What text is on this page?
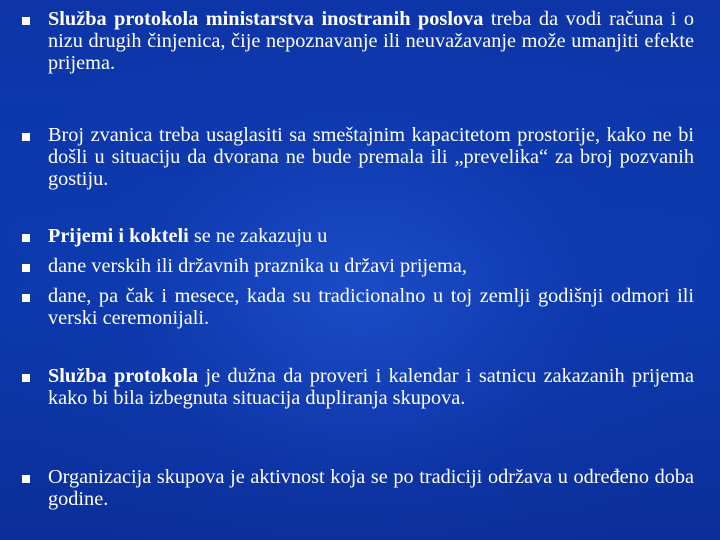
Služba protokola ministarstva inostranih poslova treba da vodi računa i o nizu drugih činjenica, čije nepoznavanje ili neuvažavanje može umanjiti efekte prijema.
Broj zvanica treba usaglasiti sa smeštajnim kapacitetom prostorije, kako ne bi došli u situaciju da dvorana ne bude premala ili „prevelika“ za broj pozvanih gostiju.
Prijemi i kokteli se ne zakazuju u
dane verskih ili državnih praznika u državi prijema,
dane, pa čak i mesece, kada su tradicionalno u toj zemlji godišnji odmori ili verski ceremonijali.
Služba protokola je dužna da proveri i kalendar i satnicu zakazanih prijema kako bi bila izbegnuta situacija dupliranja skupova.
Organizacija skupova je aktivnost koja se po tradiciji održava u određeno doba godine.
